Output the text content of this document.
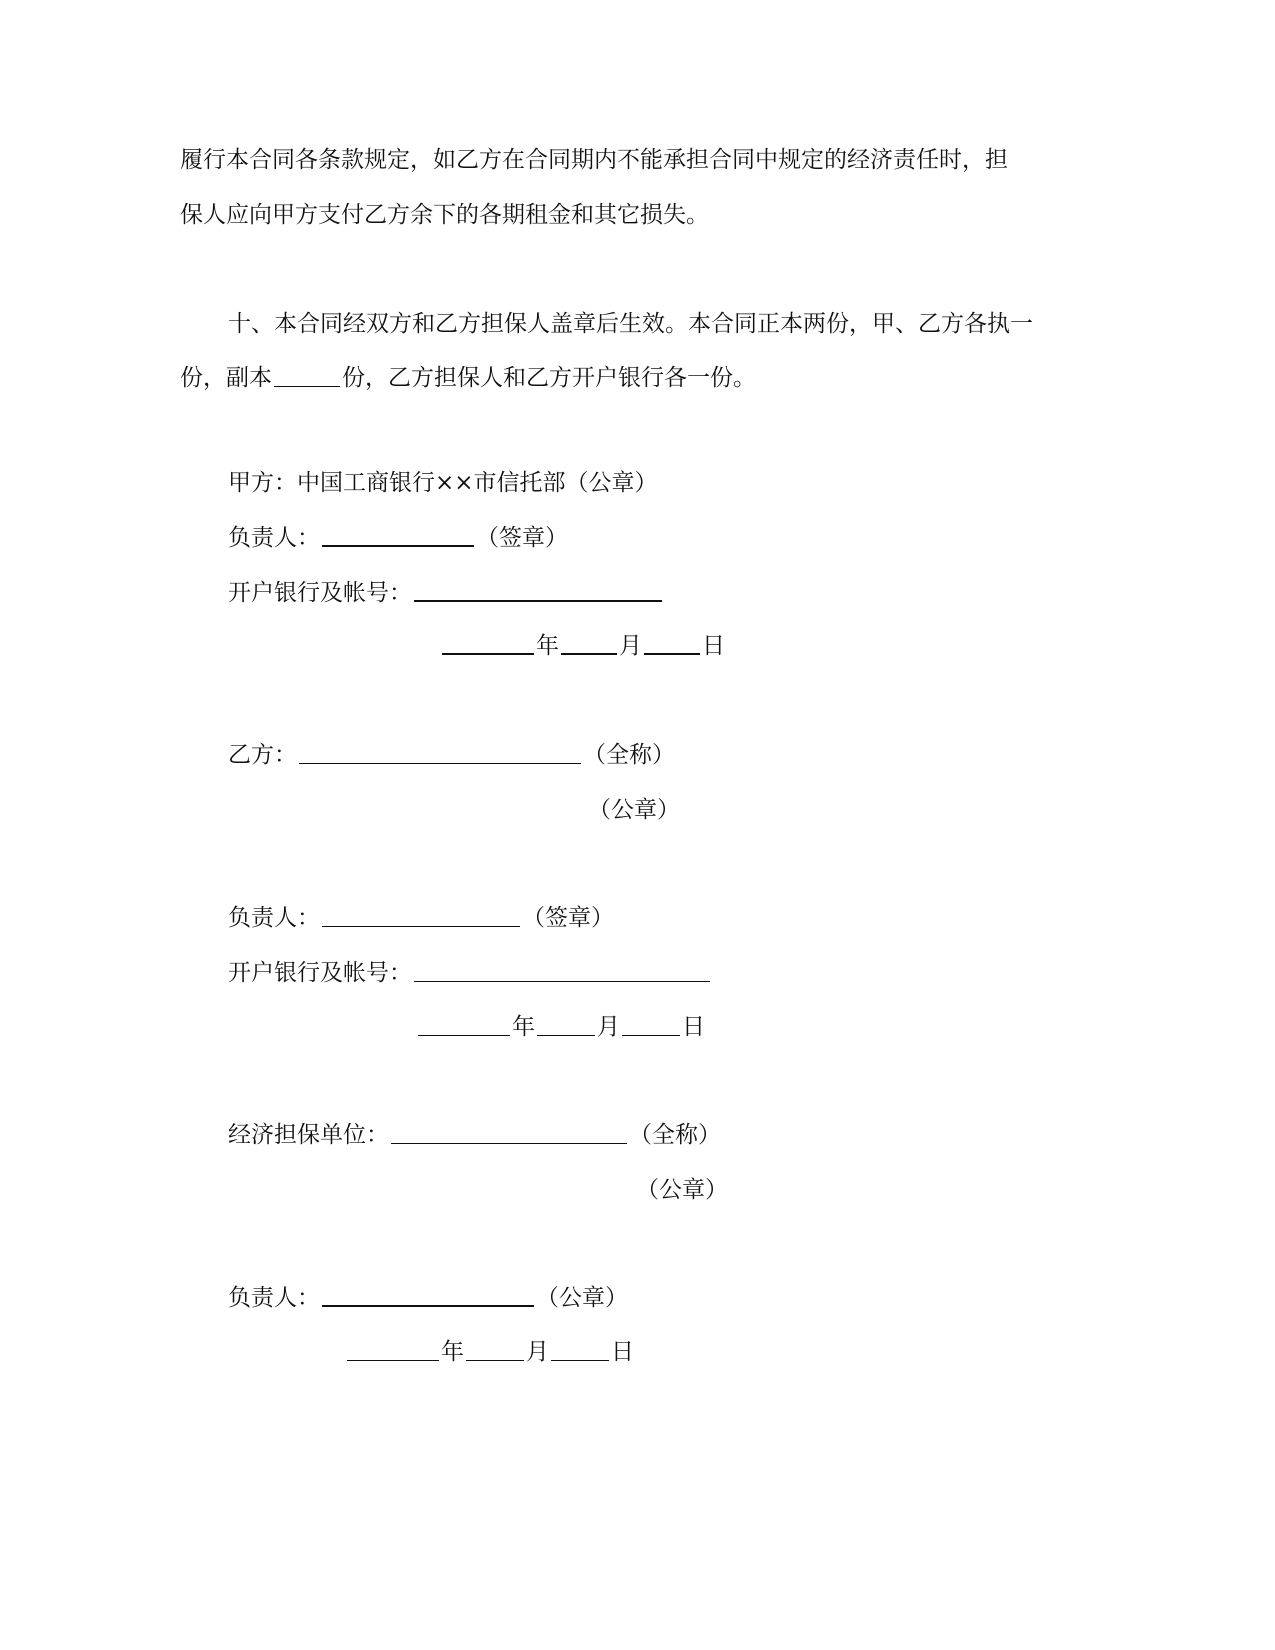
履行本合同各条款规定，如乙方在合同期内不能承担合同中规定的经济责任时，担
保人应向甲方支付乙方余下的各期租金和其它损失。
十、本合同经双方和乙方担保人盖章后生效。本合同正本两份，甲、乙方各执一
份，副本	份，乙方担保人和乙方开户银行各一份。
甲方：中国工商银行××市信托部（公章）
负责人：	（签章）
开户银行及帐号：
年	月	日
乙方：	（全称）
（公章）
负责人：	（签章）
开户银行及帐号：
年	月	日
经济担保单位：	（全称）
（公章）
负责人：	（公章）
年	月	日
